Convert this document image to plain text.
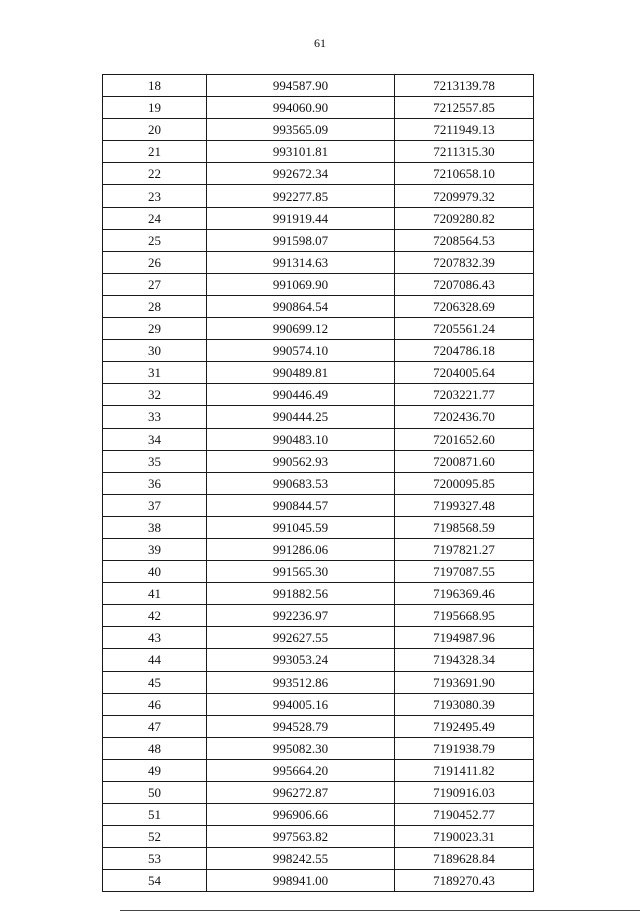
61
18	994587.90	7213139.78
19	994060.90	7212557.85
20	993565.09	7211949.13
21	993101.81	7211315.30
22	992672.34	7210658.10
23	992277.85	7209979.32
24	991919.44	7209280.82
25	991598.07	7208564.53
26	991314.63	7207832.39
27	991069.90	7207086.43
28	990864.54	7206328.69
29	990699.12	7205561.24
30	990574.10	7204786.18
31	990489.81	7204005.64
32	990446.49	7203221.77
33	990444.25	7202436.70
34	990483.10	7201652.60
35	990562.93	7200871.60
36	990683.53	7200095.85
37	990844.57	7199327.48
38	991045.59	7198568.59
39	991286.06	7197821.27
40	991565.30	7197087.55
41	991882.56	7196369.46
42	992236.97	7195668.95
43	992627.55	7194987.96
44	993053.24	7194328.34
45	993512.86	7193691.90
46	994005.16	7193080.39
47	994528.79	7192495.49
48	995082.30	7191938.79
49	995664.20	7191411.82
50	996272.87	7190916.03
51	996906.66	7190452.77
52	997563.82	7190023.31
53	998242.55	7189628.84
54	998941.00	7189270.43
